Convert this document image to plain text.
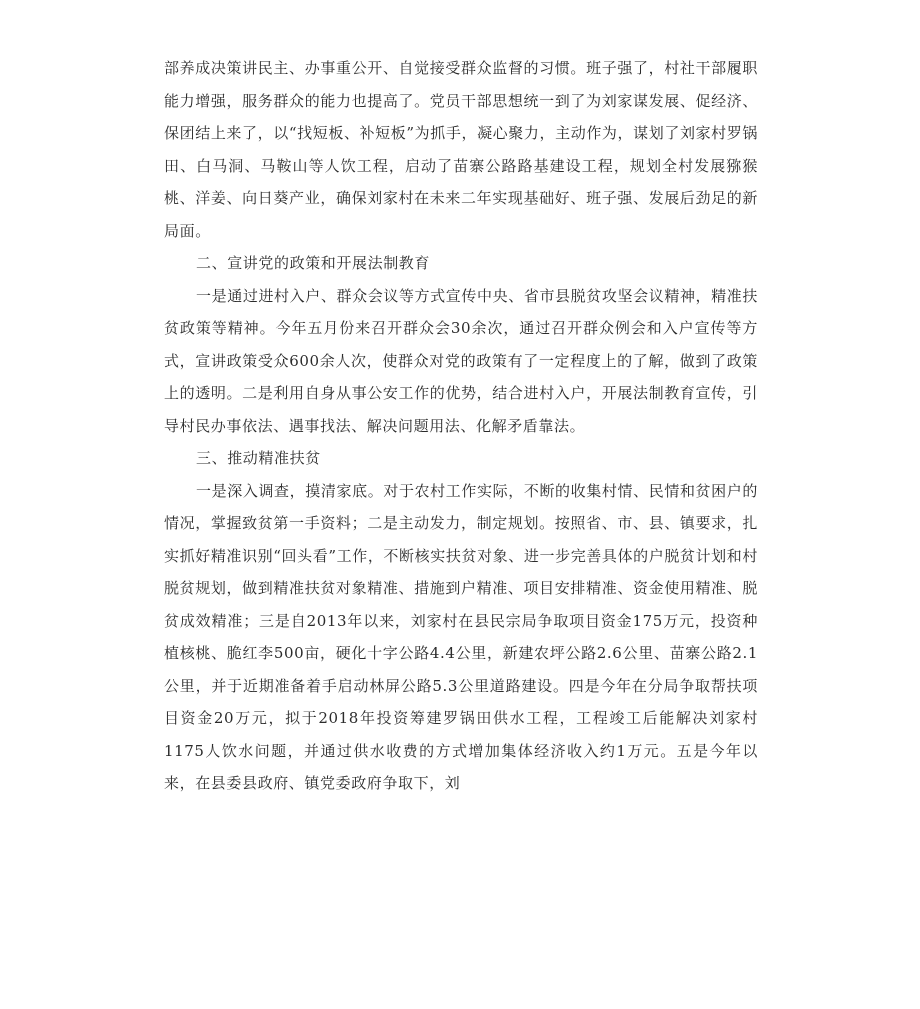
部养成决策讲民主、办事重公开、自觉接受群众监督的习惯。班子强了，村社干部履职能力增强，服务群众的能力也提高了。党员干部思想统一到了为刘家谋发展、促经济、保团结上来了，以“找短板、补短板”为抓手，凝心聚力，主动作为，谋划了刘家村罗锅田、白马洞、马鞍山等人饮工程，启动了苗寨公路路基建设工程，规划全村发展猕猴桃、洋姜、向日葵产业，确保刘家村在未来二年实现基础好、班子强、发展后劲足的新局面。

二、宣讲党的政策和开展法制教育

一是通过进村入户、群众会议等方式宣传中央、省市县脱贫攻坚会议精神，精准扶贫政策等精神。今年五月份来召开群众会30余次，通过召开群众例会和入户宣传等方式，宣讲政策受众600余人次，使群众对党的政策有了一定程度上的了解，做到了政策上的透明。二是利用自身从事公安工作的优势，结合进村入户，开展法制教育宣传，引导村民办事依法、遇事找法、解决问题用法、化解矛盾靠法。

三、推动精准扶贫

一是深入调查，摸清家底。对于农村工作实际，不断的收集村情、民情和贫困户的情况，掌握致贫第一手资料；二是主动发力，制定规划。按照省、市、县、镇要求，扎实抓好精准识别“回头看”工作，不断核实扶贫对象、进一步完善具体的户脱贫计划和村脱贫规划，做到精准扶贫对象精准、措施到户精准、项目安排精准、资金使用精准、脱贫成效精准；三是自2013年以来，刘家村在县民宗局争取项目资金175万元，投资种植核桃、脆红李500亩，硬化十字公路4.4公里，新建农坪公路2.6公里、苗寨公路2.1公里，并于近期准备着手启动林屏公路5.3公里道路建设。四是今年在分局争取帮扶项目资金20万元，拟于2018年投资筹建罗锅田供水工程，工程竣工后能解决刘家村1175人饮水问题，并通过供水收费的方式增加集体经济收入约1万元。五是今年以来，在县委县政府、镇党委政府争取下，刘
